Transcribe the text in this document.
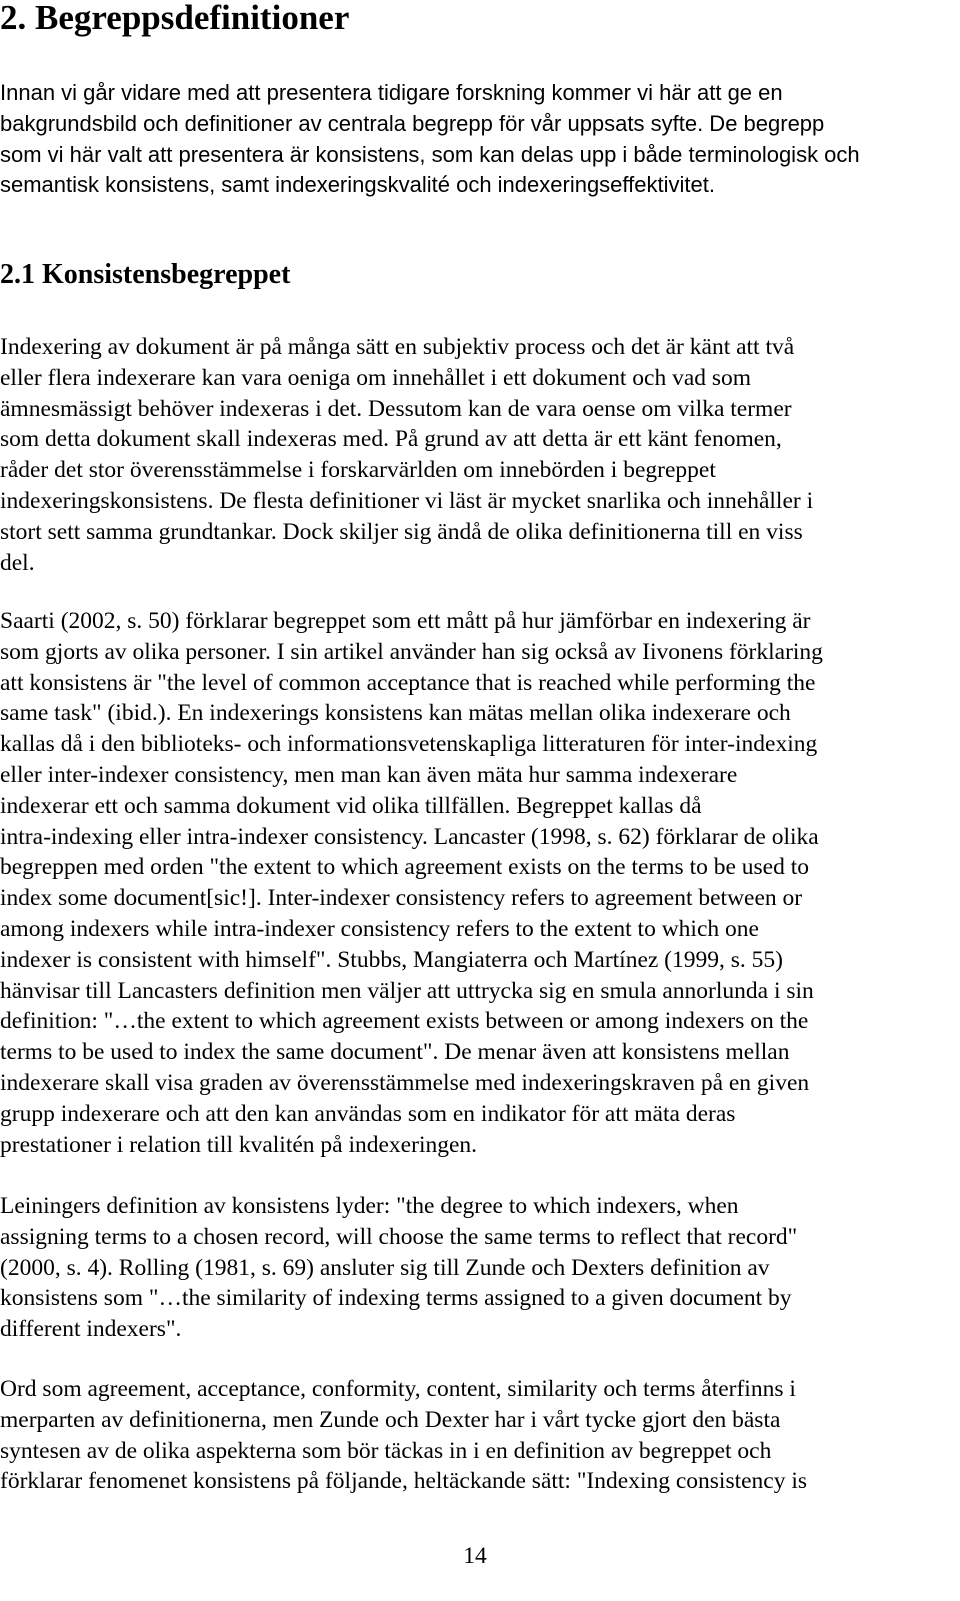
2. Begreppsdefinitioner

Innan vi går vidare med att presentera tidigare forskning kommer vi här att ge en
bakgrundsbild och definitioner av centrala begrepp för vår uppsats syfte. De begrepp
som vi här valt att presentera är konsistens, som kan delas upp i både terminologisk och
semantisk konsistens, samt indexeringskvalité och indexeringseffektivitet.

2.1 Konsistensbegreppet

Indexering av dokument är på många sätt en subjektiv process och det är känt att två
eller flera indexerare kan vara oeniga om innehållet i ett dokument och vad som
ämnesmässigt behöver indexeras i det. Dessutom kan de vara oense om vilka termer
som detta dokument skall indexeras med. På grund av att detta är ett känt fenomen,
råder det stor överensstämmelse i forskarvärlden om innebörden i begreppet
indexeringskonsistens. De flesta definitioner vi läst är mycket snarlika och innehåller i
stort sett samma grundtankar. Dock skiljer sig ändå de olika definitionerna till en viss
del.

Saarti (2002, s. 50) förklarar begreppet som ett mått på hur jämförbar en indexering är
som gjorts av olika personer. I sin artikel använder han sig också av Iivonens förklaring
att konsistens är "the level of common acceptance that is reached while performing the
same task" (ibid.). En indexerings konsistens kan mätas mellan olika indexerare och
kallas då i den biblioteks- och informationsvetenskapliga litteraturen för inter-indexing
eller inter-indexer consistency, men man kan även mäta hur samma indexerare
indexerar ett och samma dokument vid olika tillfällen. Begreppet kallas då
intra-indexing eller intra-indexer consistency. Lancaster (1998, s. 62) förklarar de olika
begreppen med orden "the extent to which agreement exists on the terms to be used to
index some document[sic!]. Inter-indexer consistency refers to agreement between or
among indexers while intra-indexer consistency refers to the extent to which one
indexer is consistent with himself". Stubbs, Mangiaterra och Martínez (1999, s. 55)
hänvisar till Lancasters definition men väljer att uttrycka sig en smula annorlunda i sin
definition: "…the extent to which agreement exists between or among indexers on the
terms to be used to index the same document". De menar även att konsistens mellan
indexerare skall visa graden av överensstämmelse med indexeringskraven på en given
grupp indexerare och att den kan användas som en indikator för att mäta deras
prestationer i relation till kvalitén på indexeringen.

Leiningers definition av konsistens lyder: "the degree to which indexers, when
assigning terms to a chosen record, will choose the same terms to reflect that record"
(2000, s. 4). Rolling (1981, s. 69) ansluter sig till Zunde och Dexters definition av
konsistens som "…the similarity of indexing terms assigned to a given document by
different indexers".

Ord som agreement, acceptance, conformity, content, similarity och terms återfinns i
merparten av definitionerna, men Zunde och Dexter har i vårt tycke gjort den bästa
syntesen av de olika aspekterna som bör täckas in i en definition av begreppet och
förklarar fenomenet konsistens på följande, heltäckande sätt: "Indexing consistency is

14
